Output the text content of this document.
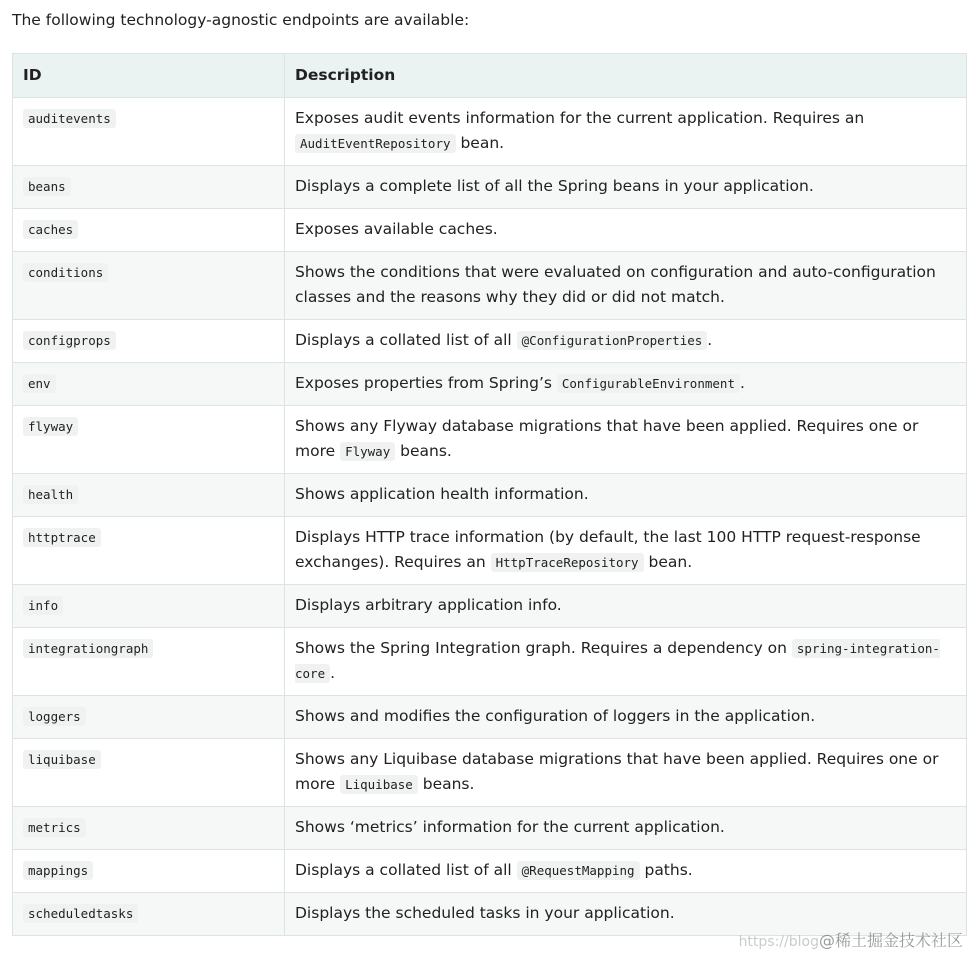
The following technology-agnostic endpoints are available:

ID	Description
auditevents	Exposes audit events information for the current application. Requires an AuditEventRepository bean.
beans	Displays a complete list of all the Spring beans in your application.
caches	Exposes available caches.
conditions	Shows the conditions that were evaluated on configuration and auto-configuration classes and the reasons why they did or did not match.
configprops	Displays a collated list of all @ConfigurationProperties .
env	Exposes properties from Spring’s ConfigurableEnvironment .
flyway	Shows any Flyway database migrations that have been applied. Requires one or more Flyway beans.
health	Shows application health information.
httptrace	Displays HTTP trace information (by default, the last 100 HTTP request-response exchanges). Requires an HttpTraceRepository bean.
info	Displays arbitrary application info.
integrationgraph	Shows the Spring Integration graph. Requires a dependency on spring-integration-core .
loggers	Shows and modifies the configuration of loggers in the application.
liquibase	Shows any Liquibase database migrations that have been applied. Requires one or more Liquibase beans.
metrics	Shows ‘metrics’ information for the current application.
mappings	Displays a collated list of all @RequestMapping paths.
scheduledtasks	Displays the scheduled tasks in your application.
https://blog@稀土掘金技术社区
